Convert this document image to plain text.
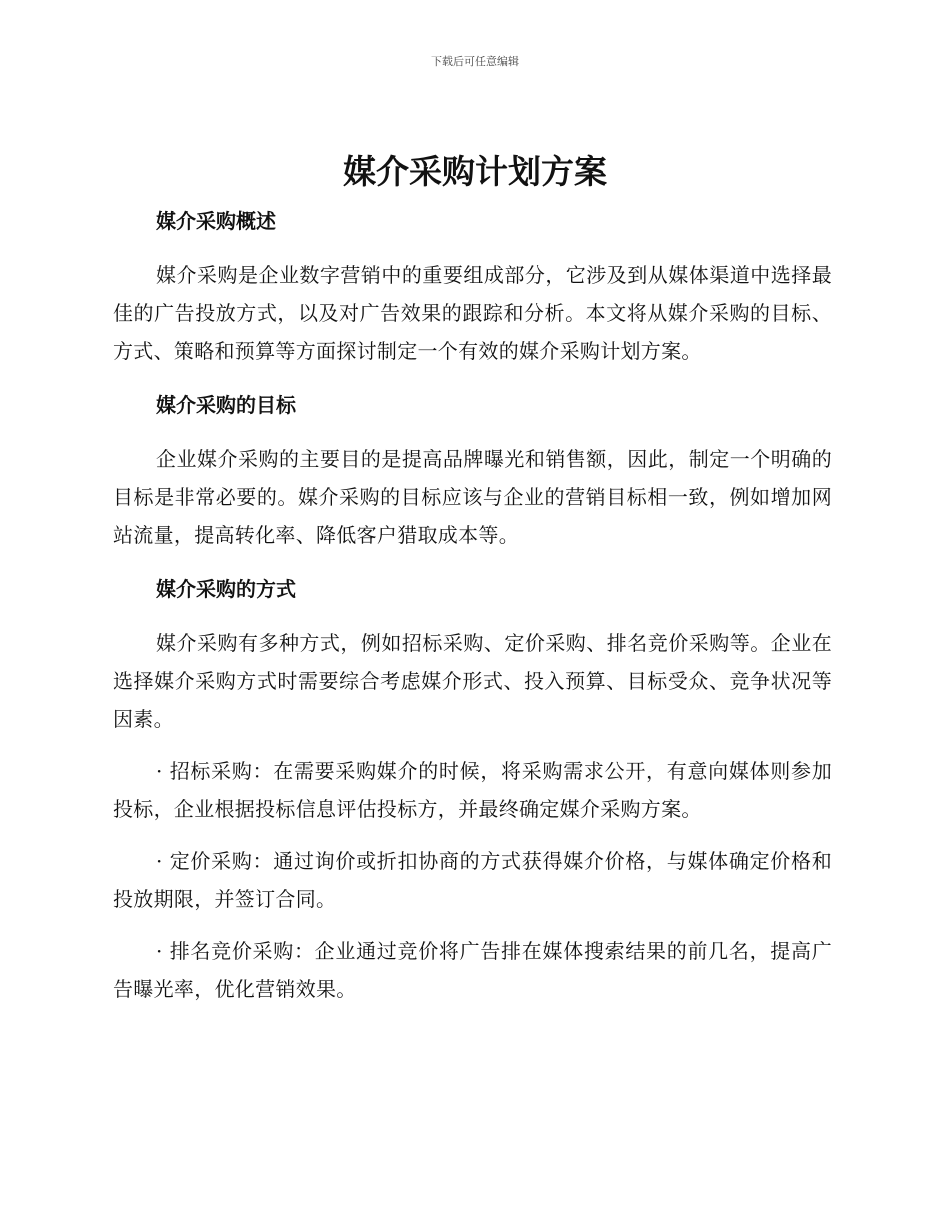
下载后可任意编辑
媒介采购计划方案
媒介采购概述

媒介采购是企业数字营销中的重要组成部分，它涉及到从媒体渠道中选择最佳的广告投放方式，以及对广告效果的跟踪和分析。本文将从媒介采购的目标、方式、策略和预算等方面探讨制定一个有效的媒介采购计划方案。

媒介采购的目标

企业媒介采购的主要目的是提高品牌曝光和销售额，因此，制定一个明确的目标是非常必要的。媒介采购的目标应该与企业的营销目标相一致，例如增加网站流量，提高转化率、降低客户猎取成本等。

媒介采购的方式

媒介采购有多种方式，例如招标采购、定价采购、排名竞价采购等。企业在选择媒介采购方式时需要综合考虑媒介形式、投入预算、目标受众、竞争状况等因素。

· 招标采购：在需要采购媒介的时候，将采购需求公开，有意向媒体则参加投标，企业根据投标信息评估投标方，并最终确定媒介采购方案。

· 定价采购：通过询价或折扣协商的方式获得媒介价格，与媒体确定价格和投放期限，并签订合同。

· 排名竞价采购：企业通过竞价将广告排在媒体搜索结果的前几名，提高广告曝光率，优化营销效果。
